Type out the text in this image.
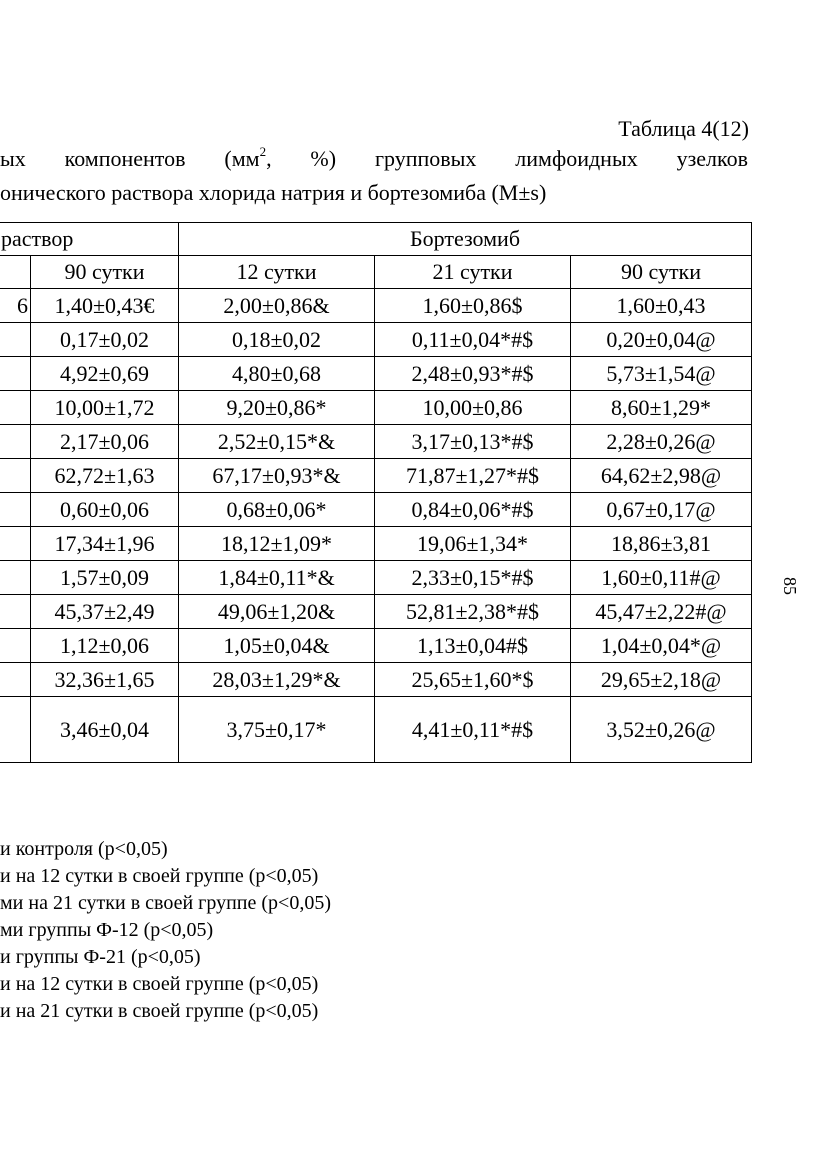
Таблица 4(12)
ых компонентов ($мм^2$, %) групповых лимфоидных узелков
онического раствора хлорида натрия и бортезомиба (M±s)
раствор		Бортезомиб		
	90 сутки	12 сутки	21 сутки	90 сутки
6	1,40±0,43€	2,00±0,86&	1,60±0,86$	1,60±0,43
	0,17±0,02	0,18±0,02	0,11±0,04*#$	0,20±0,04@
	4,92±0,69	4,80±0,68	2,48±0,93*#$	5,73±1,54@
	10,00±1,72	9,20±0,86*	10,00±0,86	8,60±1,29*
	2,17±0,06	2,52±0,15*&	3,17±0,13*#$	2,28±0,26@
	62,72±1,63	67,17±0,93*&	71,87±1,27*#$	64,62±2,98@
	0,60±0,06	0,68±0,06*	0,84±0,06*#$	0,67±0,17@
	17,34±1,96	18,12±1,09*	19,06±1,34*	18,86±3,81
	1,57±0,09	1,84±0,11*&	2,33±0,15*#$	1,60±0,11#@
	45,37±2,49	49,06±1,20&	52,81±2,38*#$	45,47±2,22#@
	1,12±0,06	1,05±0,04&	1,13±0,04#$	1,04±0,04*@
	32,36±1,65	28,03±1,29*&	25,65±1,60*$	29,65±2,18@
	3,46±0,04	3,75±0,17*	4,41±0,11*#$	3,52±0,26@
85
и контроля (p<0,05)
и на 12 сутки в своей группе (p<0,05)
ми на 21 сутки в своей группе (p<0,05)
ми группы Ф-12 (p<0,05)
и группы Ф-21 (p<0,05)
и на 12 сутки в своей группе (p<0,05)
и на 21 сутки в своей группе (p<0,05)
